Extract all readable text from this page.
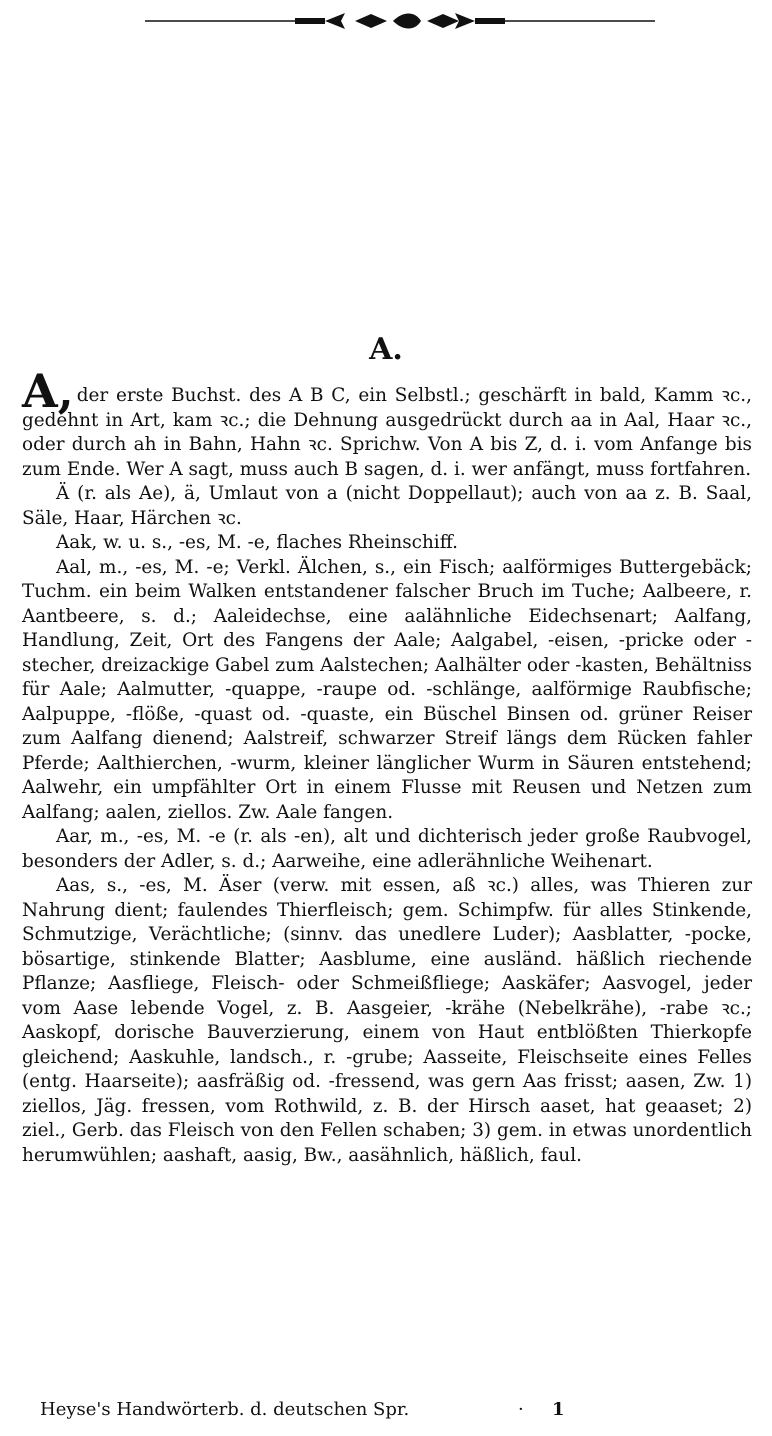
A.

A, der erste Buchst. des A B C, ein Selbstl.; geschärft in bald, Kamm ꝛc., gedehnt in Art, kam ꝛc.; die Dehnung ausgedrückt durch aa in Aal, Haar ꝛc., oder durch ah in Bahn, Hahn ꝛc. Sprichw. Von A bis Z, d. i. vom Anfange bis zum Ende. Wer A sagt, muss auch B sagen, d. i. wer anfängt, muss fortfahren.

Ä (r. als Ae), ä, Umlaut von a (nicht Doppellaut); auch von aa z. B. Saal, Säle, Haar, Härchen ꝛc.

Aak, w. u. s., -es, M. -e, flaches Rheinschiff.

Aal, m., -es, M. -e; Verkl. Älchen, s., ein Fisch; aalförmiges Buttergebäck; Tuchm. ein beim Walken entstandener falscher Bruch im Tuche; Aalbeere, r. Aantbeere, s. d.; Aaleidechse, eine aalähnliche Eidechsenart; Aalfang, Handlung, Zeit, Ort des Fangens der Aale; Aalgabel, -eisen, -pricke oder -stecher, dreizackige Gabel zum Aalstechen; Aalhälter oder -kasten, Behältniss für Aale; Aalmutter, -quappe, -raupe od. -schlänge, aalförmige Raubfische; Aalpuppe, -flöße, -quast od. -quaste, ein Büschel Binsen od. grüner Reiser zum Aalfang dienend; Aalstreif, schwarzer Streif längs dem Rücken fahler Pferde; Aalthierchen, -wurm, kleiner länglicher Wurm in Säuren entstehend; Aalwehr, ein umpfählter Ort in einem Flusse mit Reusen und Netzen zum Aalfang; aalen, ziellos. Zw. Aale fangen.

Aar, m., -es, M. -e (r. als -en), alt und dichterisch jeder große Raubvogel, besonders der Adler, s. d.; Aarweihe, eine adlerähnliche Weihenart.

Aas, s., -es, M. Äser (verw. mit essen, aß ꝛc.) alles, was Thieren zur Nahrung dient; faulendes Thierfleisch; gem. Schimpfw. für alles Stinkende, Schmutzige, Verächtliche; (sinnv. das unedlere Luder); Aasblatter, -pocke, bösartige, stinkende Blatter; Aasblume, eine ausländ. häßlich riechende Pflanze; Aasfliege, Fleisch- oder Schmeißfliege; Aaskäfer; Aasvogel, jeder vom Aase lebende Vogel, z. B. Aasgeier, -krähe (Nebelkrähe), -rabe ꝛc.; Aaskopf, dorische Bauverzierung, einem von Haut entblößten Thierkopfe gleichend; Aaskuhle, landsch., r. -grube; Aasseite, Fleischseite eines Felles (entg. Haarseite); aasfräßig od. -fressend, was gern Aas frisst; aasen, Zw. 1) ziellos, Jäg. fressen, vom Rothwild, z. B. der Hirsch aaset, hat geaaset; 2) ziel., Gerb. das Fleisch von den Fellen schaben; 3) gem. in etwas unordentlich herumwühlen; aashaft, aasig, Bw., aasähnlich, häßlich, faul.

Heyse's Handwörterb. d. deutschen Spr.	· 1
